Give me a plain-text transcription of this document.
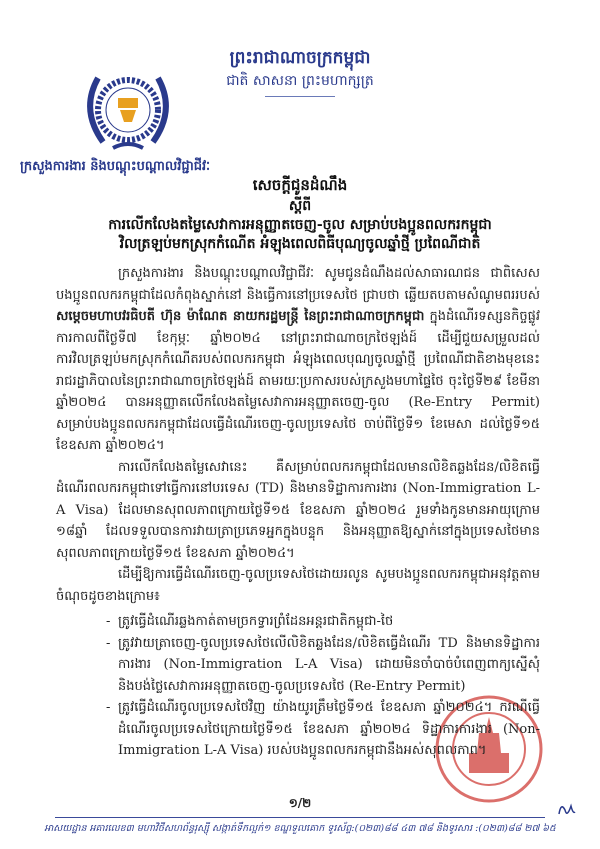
ព្រះរាជាណាចក្រកម្ពុជា
ជាតិ សាសនា ព្រះមហាក្សត្រ
ក្រសួងការងារ និងបណ្តុះបណ្តាលវិជ្ជាជីវៈ
សេចក្តីជូនដំណឹង
ស្តីពី
ការលើកលែងតម្លៃសេវាការអនុញ្ញាតចេញ-ចូល សម្រាប់បងប្អូនពលករកម្ពុជា
វិលត្រឡប់មកស្រុកកំណើត អំឡុងពេលពិធីបុណ្យចូលឆ្នាំថ្មី ប្រពៃណីជាតិ

ក្រសួងការងារ និងបណ្តុះបណ្តាលវិជ្ជាជីវៈ សូមជូនដំណឹងដល់សាធារណជន ជាពិសេស បងប្អូនពលករកម្ពុជាដែលកំពុងស្នាក់នៅ និងធ្វើការនៅប្រទេសថៃ ជ្រាបថា ឆ្លើយតបតាមសំណូមពររបស់ សម្តេចមហាបវរធិបតី ហ៊ុន ម៉ាណែត នាយករដ្ឋមន្ត្រី នៃព្រះរាជាណាចក្រកម្ពុជា ក្នុងដំណើរទស្សនកិច្ចផ្លូវការកាលពីថ្ងៃទី៧ ខែកុម្ភៈ ឆ្នាំ២០២៤ នៅព្រះរាជាណាចក្រថៃឡង់ដ៍ ដើម្បីជួយសម្រួលដល់ការវិលត្រឡប់មកស្រុកកំណើតរបស់ពលករកម្ពុជា អំឡុងពេលបុណ្យចូលឆ្នាំថ្មី ប្រពៃណីជាតិខាងមុខនេះ រាជរដ្ឋាភិបាលនៃព្រះរាជាណាចក្រថៃឡង់ដ៍ តាមរយៈប្រកាសរបស់ក្រសួងមហាផ្ទៃថៃ ចុះថ្ងៃទី២៩ ខែមីនា ឆ្នាំ២០២៤ បានអនុញ្ញាតលើកលែងតម្លៃសេវាការអនុញ្ញាតចេញ-ចូល (Re-Entry Permit) សម្រាប់បងប្អូនពលករកម្ពុជាដែលធ្វើដំណើរចេញ-ចូលប្រទេសថៃ ចាប់ពីថ្ងៃទី១ ខែមេសា ដល់ថ្ងៃទី១៥ ខែឧសភា ឆ្នាំ២០២៤។

ការលើកលែងតម្លៃសេវានេះ គឺសម្រាប់ពលករកម្ពុជាដែលមានលិខិតឆ្លងដែន/លិខិតធ្វើដំណើរពលករកម្ពុជាទៅធ្វើការនៅបរទេស (TD) និងមានទិដ្ឋាការការងារ (Non-Immigration L-A Visa) ដែលមានសុពលភាពក្រោយថ្ងៃទី១៥ ខែឧសភា ឆ្នាំ២០២៤ រួមទាំងកូនមានអាយុក្រោម ១៨ឆ្នាំ ដែលទទួលបានការវាយត្រាប្រភេទអ្នកក្នុងបន្ទុក និងអនុញ្ញាតឱ្យស្នាក់នៅក្នុងប្រទេសថៃមានសុពលភាពក្រោយថ្ងៃទី១៥ ខែឧសភា ឆ្នាំ២០២៤។

ដើម្បីឱ្យការធ្វើដំណើរចេញ-ចូលប្រទេសថៃដោយរលូន សូមបងប្អូនពលករកម្ពុជាអនុវត្តតាមចំណុចដូចខាងក្រោម៖

- ត្រូវធ្វើដំណើរឆ្លងកាត់តាមច្រកទ្វារព្រំដែនអន្តរជាតិកម្ពុជា-ថៃ
- ត្រូវវាយត្រាចេញ-ចូលប្រទេសថៃលើលិខិតឆ្លងដែន/លិខិតធ្វើដំណើរ TD និងមានទិដ្ឋាការការងារ (Non-Immigration L-A Visa) ដោយមិនចាំបាច់បំពេញពាក្យស្នើសុំ និងបង់ថ្លៃសេវាការអនុញ្ញាតចេញ-ចូលប្រទេសថៃ (Re-Entry Permit)
- ត្រូវធ្វើដំណើរចូលប្រទេសថៃវិញ យ៉ាងយូរត្រឹមថ្ងៃទី១៥ ខែឧសភា ឆ្នាំ២០២៤។ ករណីធ្វើដំណើរចូលប្រទេសថៃក្រោយថ្ងៃទី១៥ ខែឧសភា ឆ្នាំ២០២៤ ទិដ្ឋាការការងារ (Non-Immigration L-A Visa) របស់បងប្អូនពលករកម្ពុជានឹងអស់សុពលភាព។
១/២
អាសយដ្ឋាន អគារលេខ៣ មហាវិថីសហព័ន្ធរុស្ស៊ី សង្កាត់ទឹកល្អក់១ ខណ្ឌទួលគោក ទូរស័ព្ទ:(០២៣)៨៨ ៤៣ ៧៨ និងទូរសារ :(០២៣)៨៨ ២៧ ៦៥
